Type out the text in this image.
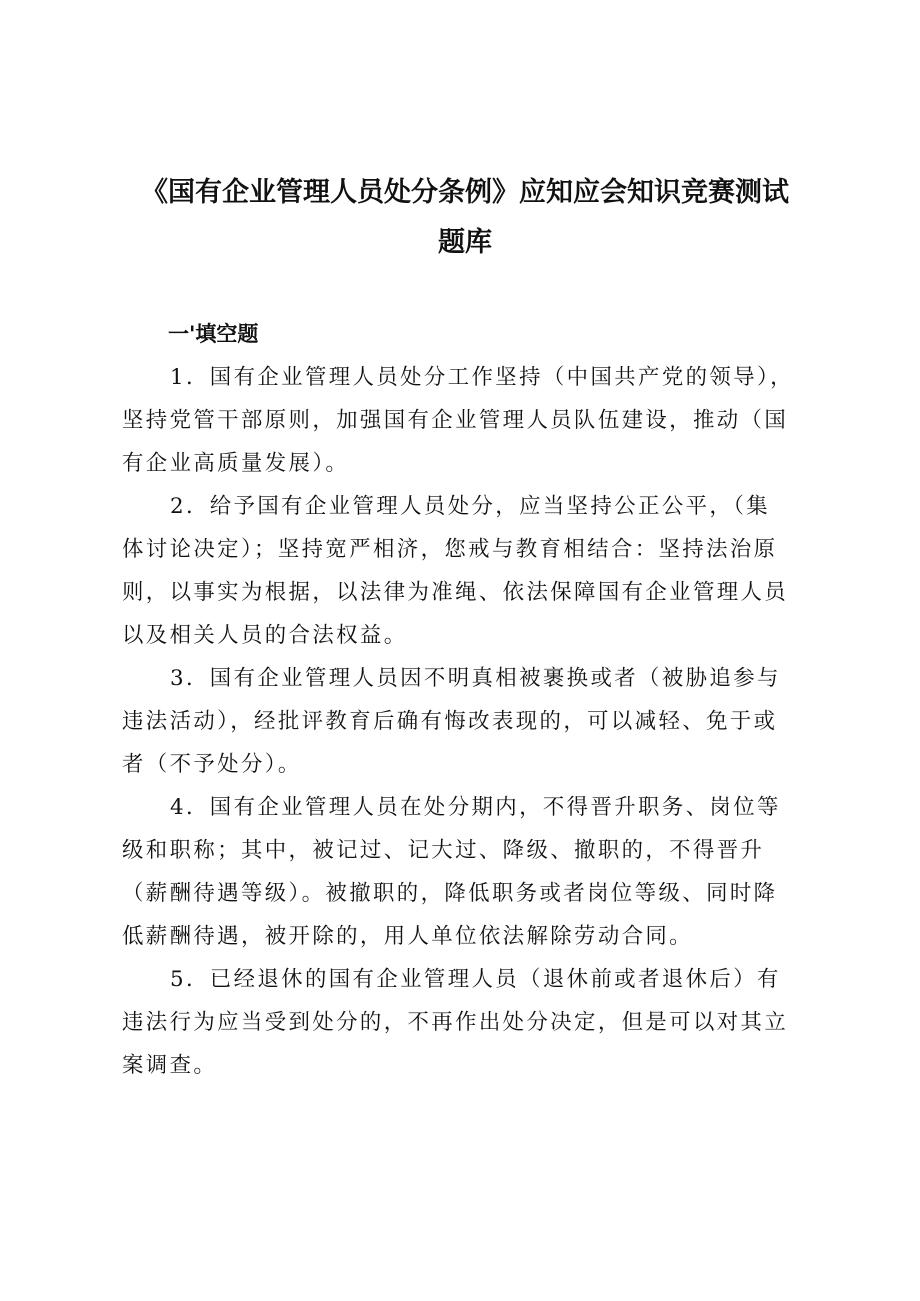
《国有企业管理人员处分条例》应知应会知识竞赛测试
题库
一'填空题

1．国有企业管理人员处分工作坚持（中国共产党的领导），
坚持党管干部原则，加强国有企业管理人员队伍建设，推动（国
有企业高质量发展）。

2．给予国有企业管理人员处分，应当坚持公正公平，（集
体讨论决定）；坚持宽严相济，您戒与教育相结合：坚持法治原
则，以事实为根据，以法律为准绳、依法保障国有企业管理人员
以及相关人员的合法权益。

3．国有企业管理人员因不明真相被裹换或者（被胁追参与
违法活动），经批评教育后确有悔改表现的，可以减轻、免于或
者（不予处分）。

4．国有企业管理人员在处分期内，不得晋升职务、岗位等
级和职称；其中，被记过、记大过、降级、撤职的，不得晋升
（薪酬待遇等级）。被撤职的，降低职务或者岗位等级、同时降
低薪酬待遇，被开除的，用人单位依法解除劳动合同。

5．已经退休的国有企业管理人员（退休前或者退休后）有
违法行为应当受到处分的，不再作出处分决定，但是可以对其立
案调查。
